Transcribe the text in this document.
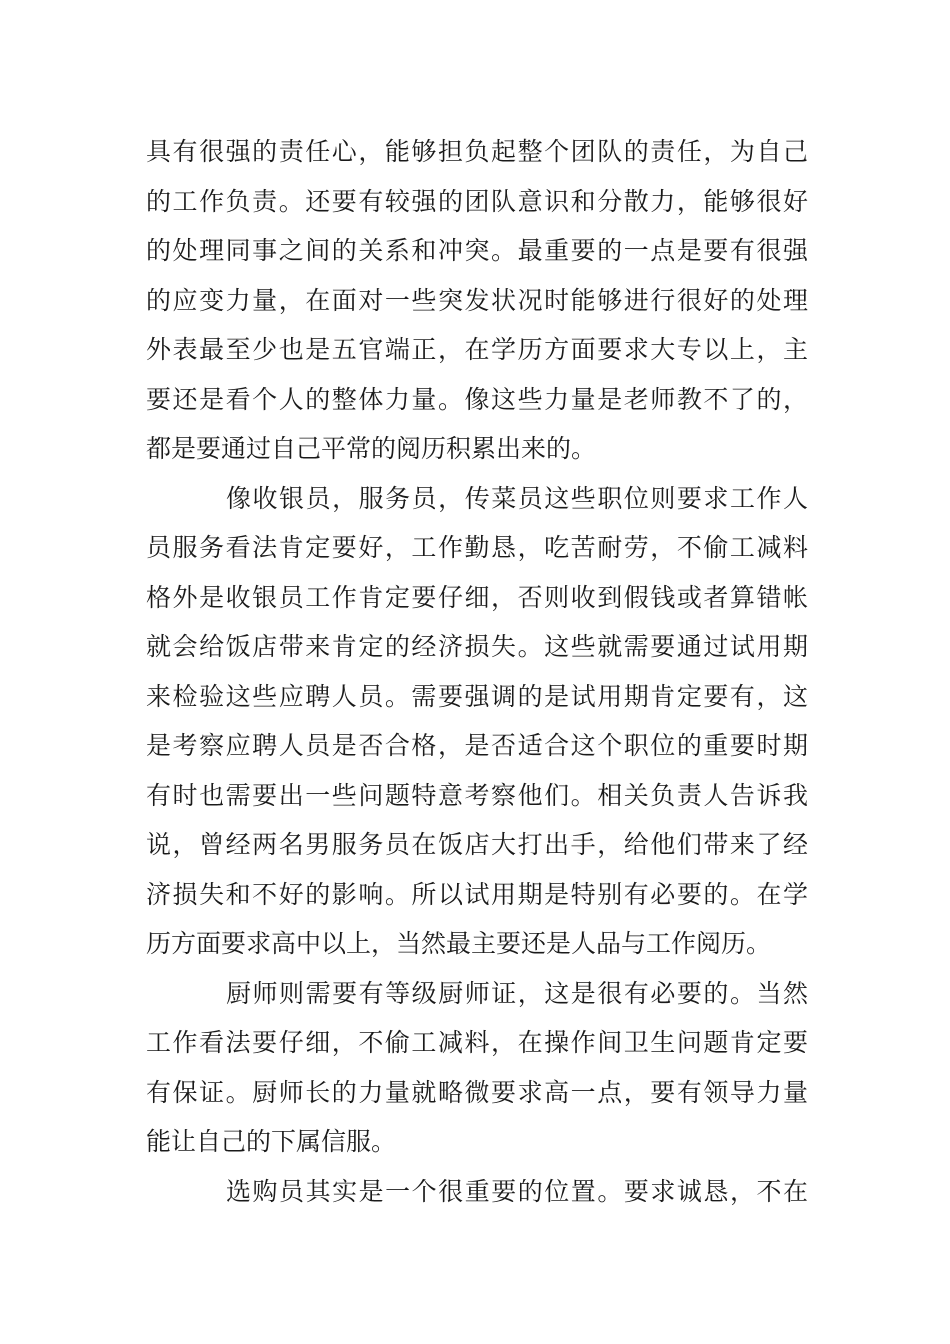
具有很强的责任心，能够担负起整个团队的责任，为自己
的工作负责。还要有较强的团队意识和分散力，能够很好
的处理同事之间的关系和冲突。最重要的一点是要有很强
的应变力量，在面对一些突发状况时能够进行很好的处理
外表最至少也是五官端正，在学历方面要求大专以上，主
要还是看个人的整体力量。像这些力量是老师教不了的，
都是要通过自己平常的阅历积累出来的。
像收银员，服务员，传菜员这些职位则要求工作人
员服务看法肯定要好，工作勤恳，吃苦耐劳，不偷工减料
格外是收银员工作肯定要仔细，否则收到假钱或者算错帐
就会给饭店带来肯定的经济损失。这些就需要通过试用期
来检验这些应聘人员。需要强调的是试用期肯定要有，这
是考察应聘人员是否合格，是否适合这个职位的重要时期
有时也需要出一些问题特意考察他们。相关负责人告诉我
说，曾经两名男服务员在饭店大打出手，给他们带来了经
济损失和不好的影响。所以试用期是特别有必要的。在学
历方面要求高中以上，当然最主要还是人品与工作阅历。
厨师则需要有等级厨师证，这是很有必要的。当然
工作看法要仔细，不偷工减料，在操作间卫生问题肯定要
有保证。厨师长的力量就略微要求高一点，要有领导力量
能让自己的下属信服。
选购员其实是一个很重要的位置。要求诚恳，不在
